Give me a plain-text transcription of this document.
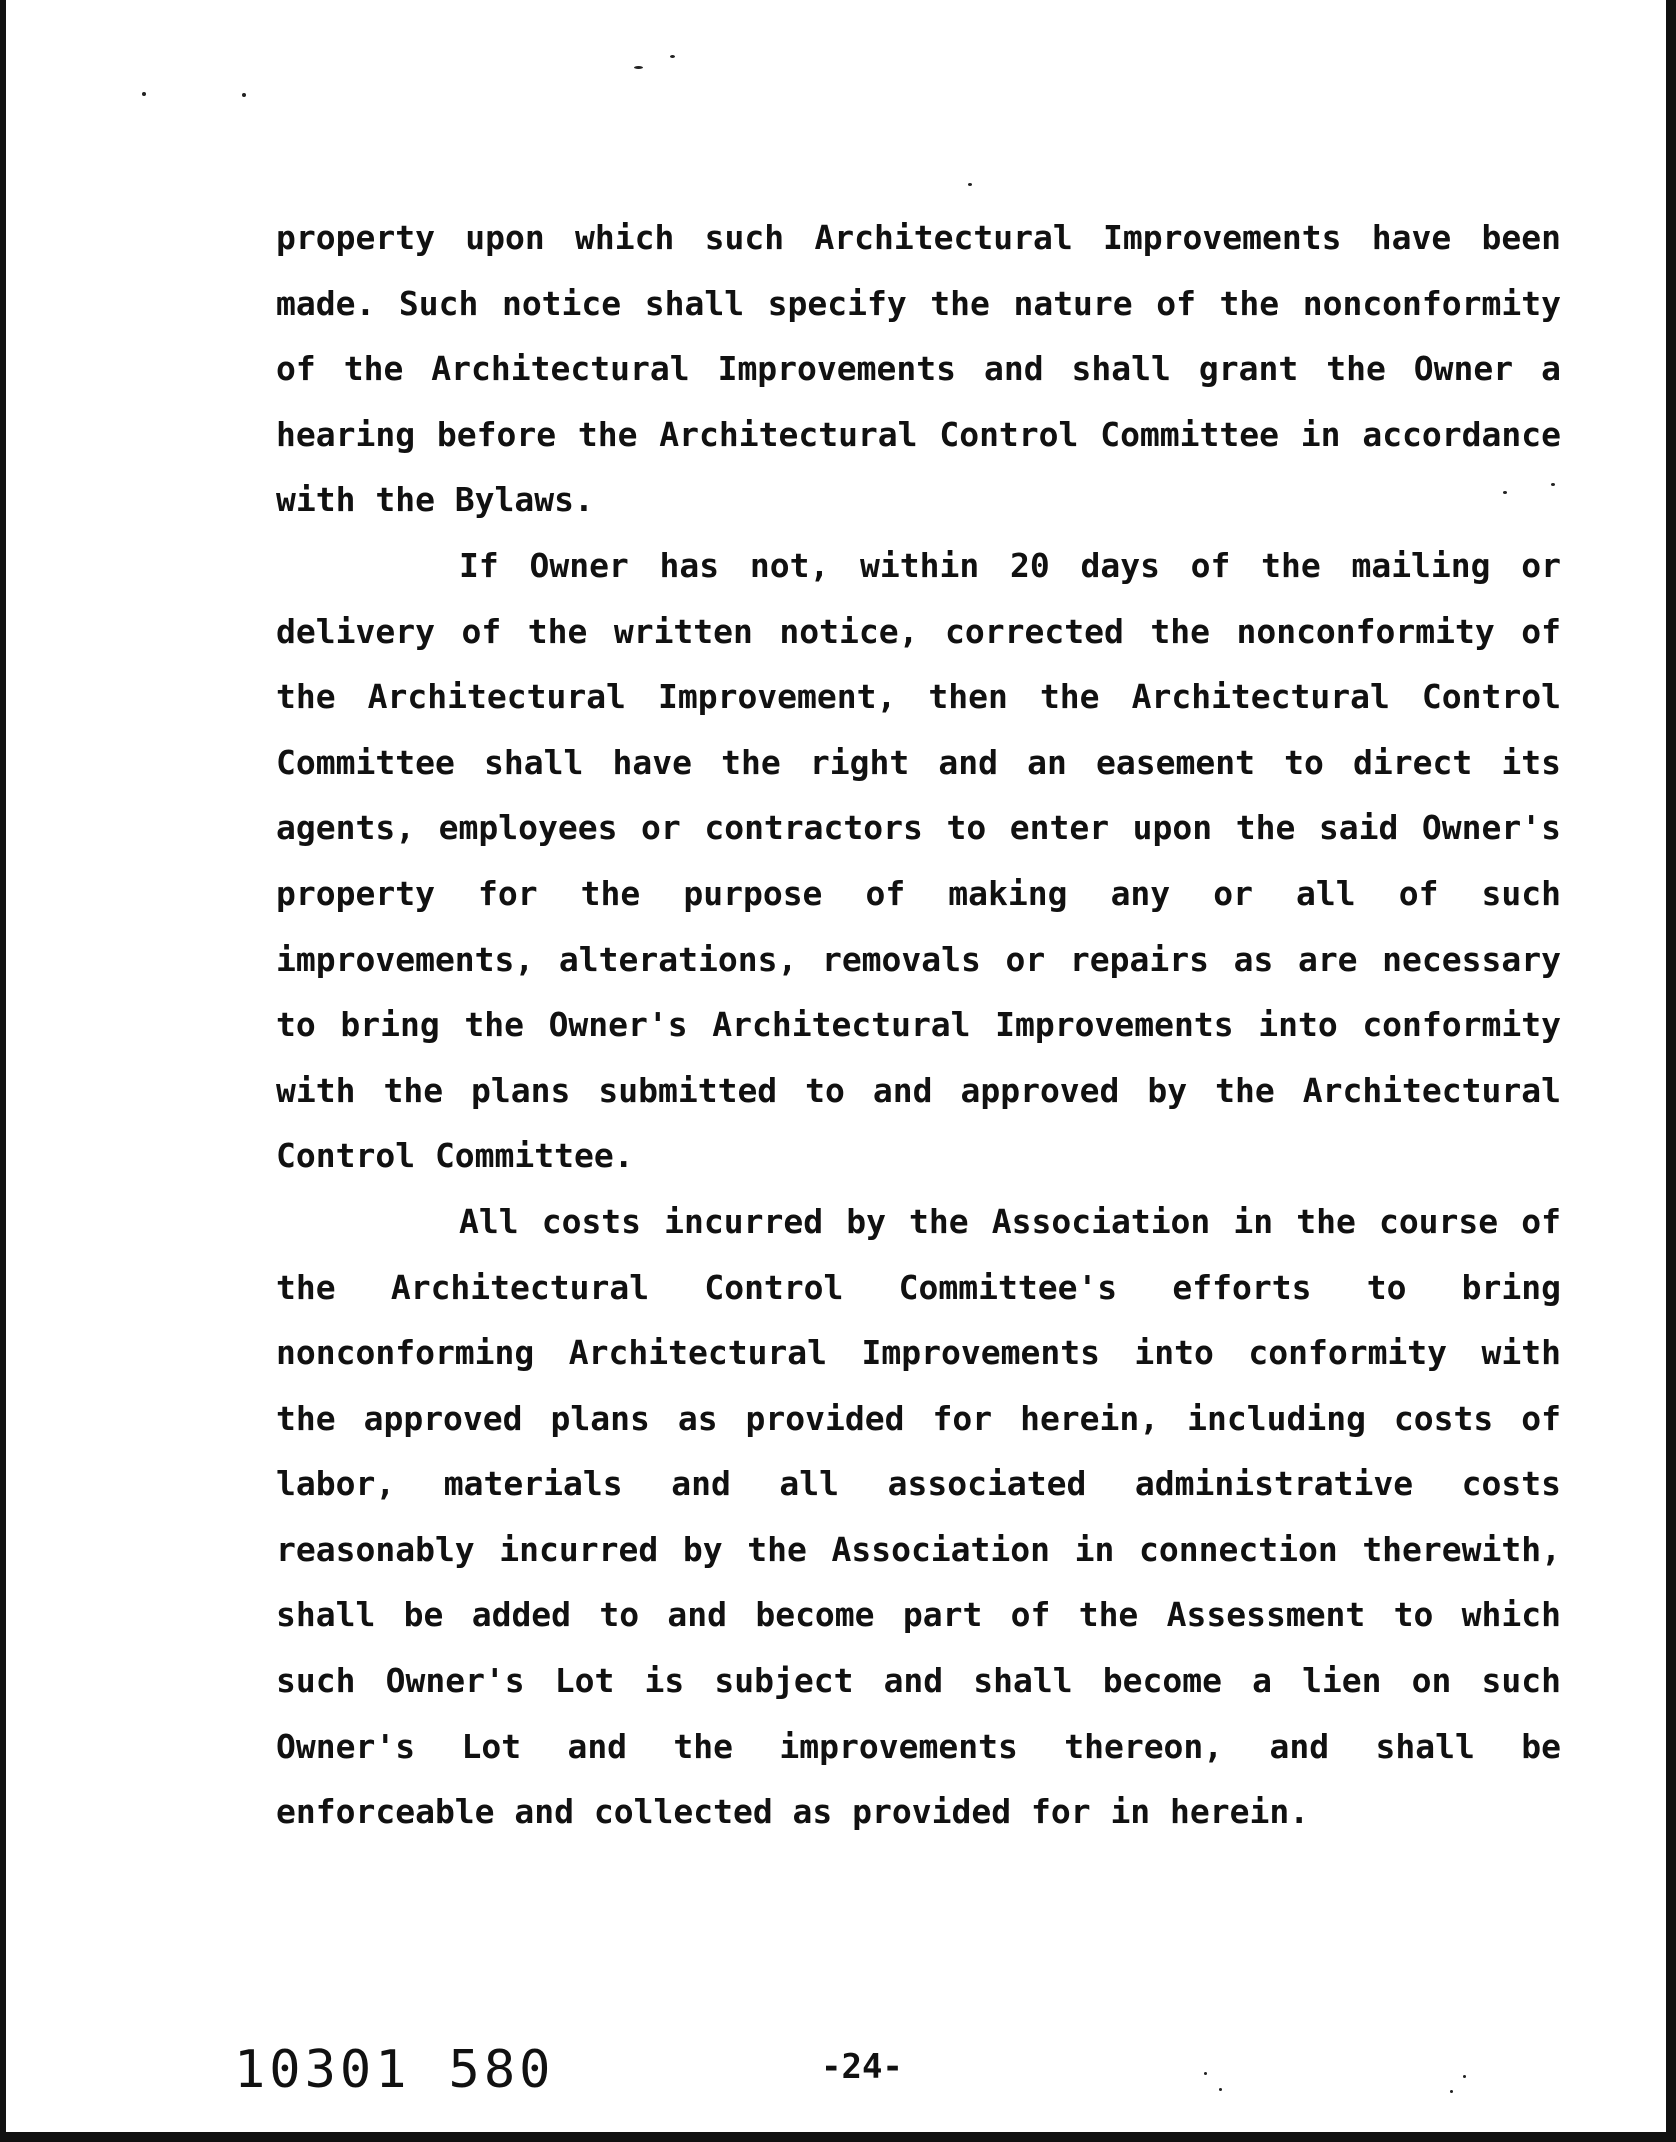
property upon which such Architectural Improvements have been made. Such notice shall specify the nature of the nonconformity of the Architectural Improvements and shall grant the Owner a hearing before the Architectural Control Committee in accordance with the Bylaws.

If Owner has not, within 20 days of the mailing or delivery of the written notice, corrected the nonconformity of the Architectural Improvement, then the Architectural Control Committee shall have the right and an easement to direct its agents, employees or contractors to enter upon the said Owner's property for the purpose of making any or all of such improvements, alterations, removals or repairs as are necessary to bring the Owner's Architectural Improvements into conformity with the plans submitted to and approved by the Architectural Control Committee.

All costs incurred by the Association in the course of the Architectural Control Committee's efforts to bring nonconforming Architectural Improvements into conformity with the approved plans as provided for herein, including costs of labor, materials and all associated administrative costs reasonably incurred by the Association in connection therewith, shall be added to and become part of the Assessment to which such Owner's Lot is subject and shall become a lien on such Owner's Lot and the improvements thereon, and shall be enforceable and collected as provided for in herein.

10301 580	-24-
